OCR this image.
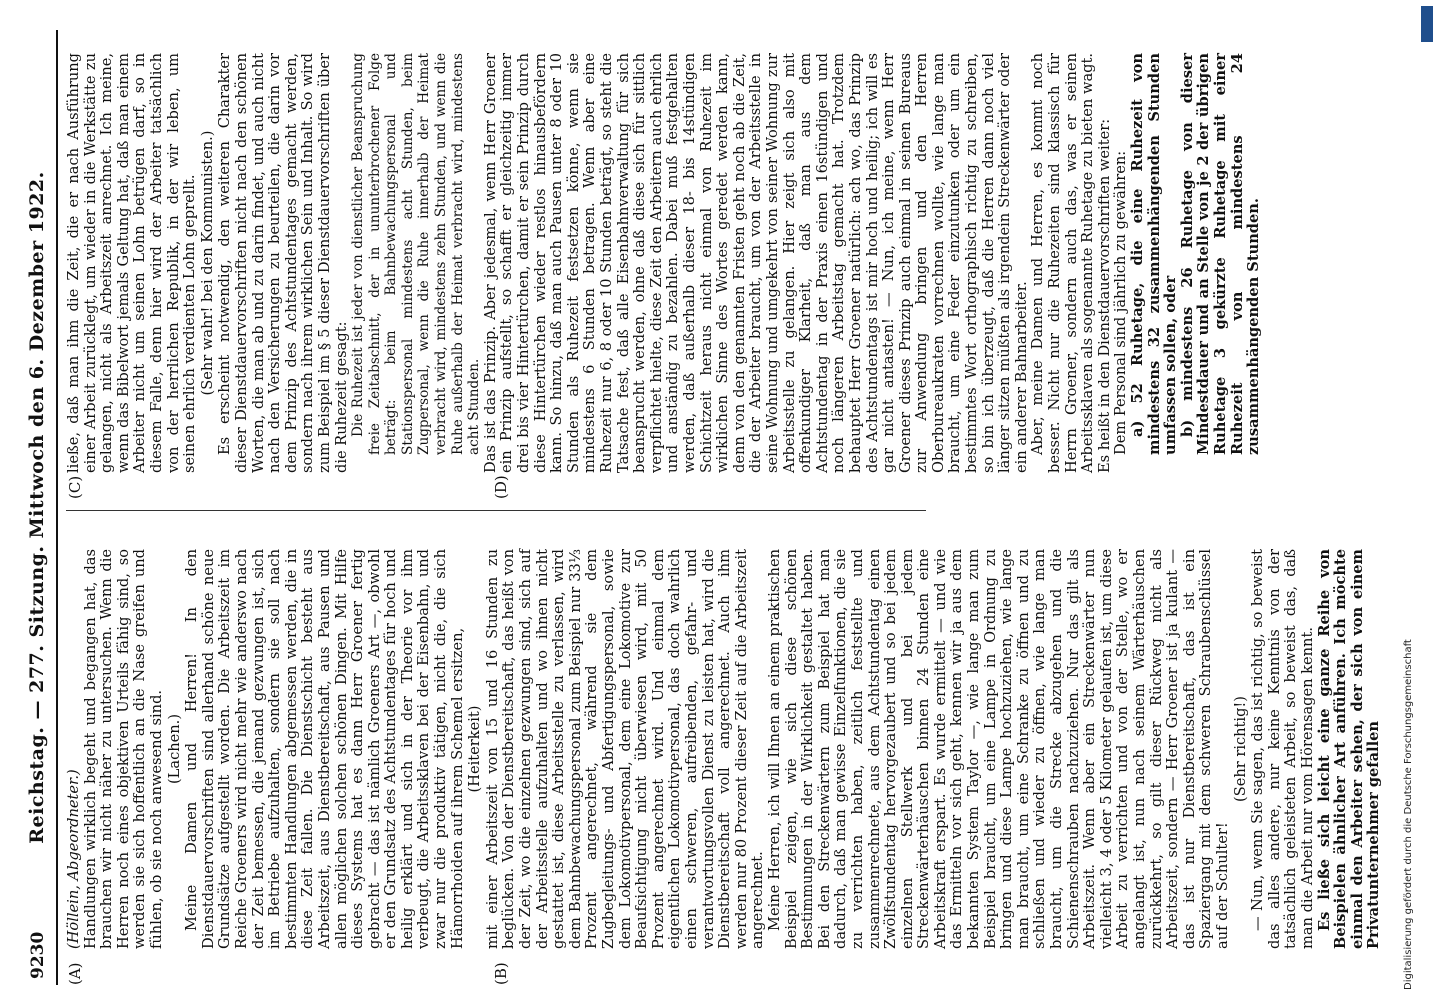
9230
Reichstag. — 277. Sitzung. Mittwoch den 6. Dezember 1922.
(A)	(B)
(C)	(D)

(Höllein, Abgeordneter.) Handlungen wirklich begeht und begangen hat, das brauchen wir nicht näher zu untersuchen. Wenn die Herren noch eines objektiven Urteils fähig sind, so werden sie sich hoffentlich an die Nase greifen und fühlen, ob sie noch anwesend sind. (Lachen.) Meine Damen und Herren! In den Dienstdauervorschriften sind allerhand schöne neue Grundsätze aufgestellt worden. Die Arbeitszeit im Reiche Groeners wird nicht mehr wie anderswo nach der Zeit bemessen, die jemand gezwungen ist, sich im Betriebe aufzuhalten, sondern sie soll nach bestimmten Handlungen abgemessen werden, die in diese Zeit fallen. Die Dienstschicht besteht aus Arbeitszeit, aus Dienstbereitschaft, aus Pausen und allen möglichen solchen schönen Dingen. Mit Hilfe dieses Systems hat es dann Herr Groener fertig gebracht — das ist nämlich Groeners Art —, obwohl er den Grundsatz des Achtstundentages für hoch und heilig erklärt und sich in der Theorie vor ihm verbeugt, die Arbeitssklaven bei der Eisenbahn, und zwar nur die produktiv tätigen, nicht die, die sich Hämorrhoiden auf ihrem Schemel ersitzen, (Heiterkeit) mit einer Arbeitszeit von 15 und 16 Stunden zu beglücken. Von der Dienstbereitschaft, das heißt von der Zeit, wo die einzelnen gezwungen sind, sich auf der Arbeitsstelle aufzuhalten und wo ihnen nicht gestattet ist, diese Arbeitsstelle zu verlassen, wird dem Bahnbewachungspersonal zum Beispiel nur 33⅓ Prozent angerechnet, während sie dem Zugbegleitungs- und Abfertigungspersonal, sowie dem Lokomotivpersonal, dem eine Lokomotive zur Beaufsichtigung nicht überwiesen wird, mit 50 Prozent angerechnet wird. Und einmal dem eigentlichen Lokomotivpersonal, das doch wahrlich einen schweren, aufreibenden, gefahr- und verantwortungsvollen Dienst zu leisten hat, wird die Dienstbereitschaft voll angerechnet. Auch ihm werden nur 80 Prozent dieser Zeit auf die Arbeitszeit angerechnet. Meine Herren, ich will Ihnen an einem praktischen Beispiel zeigen, wie sich diese schönen Bestimmungen in der Wirklichkeit gestaltet haben. Bei den Streckenwärtern zum Beispiel hat man dadurch, daß man gewisse Einzelfunktionen, die sie zu verrichten haben, zeitlich feststellte und zusammenrechnete, aus dem Achtstundentag einen Zwölfstundentag hervorgezaubert und so bei jedem einzelnen Stellwerk und bei jedem Streckenwärterhäuschen binnen 24 Stunden eine Arbeitskraft erspart. Es wurde ermittelt — und wie das Ermitteln vor sich geht, kennen wir ja aus dem bekannten System Taylor —, wie lange man zum Beispiel braucht, um eine Lampe in Ordnung zu bringen und diese Lampe hochzuziehen, wie lange man braucht, um eine Schranke zu öffnen und zu schließen und wieder zu öffnen, wie lange man braucht, um die Strecke abzugehen und die Schienenschrauben nachzuziehen. Nur das gilt als Arbeitszeit. Wenn aber ein Streckenwärter nun vielleicht 3, 4 oder 5 Kilometer gelaufen ist, um diese Arbeit zu verrichten und von der Stelle, wo er angelangt ist, nun nach seinem Wärterhäuschen zurückkehrt, so gilt dieser Rückweg nicht als Arbeitszeit, sondern — Herr Groener ist ja kulant — das ist nur Dienstbereitschaft, das ist ein Spaziergang mit dem schweren Schraubenschlüssel auf der Schulter!

(Sehr richtig!) — Nun, wenn Sie sagen, das ist richtig, so beweist das alles andere, nur keine Kenntnis von der tatsächlich geleisteten Arbeit, so beweist das, daß man die Arbeit nur vom Hörensagen kennt. Es ließe sich leicht eine ganze Reihe von Beispielen ähnlicher Art anführen. Ich möchte einmal den Arbeiter sehen, der sich von einem Privatunternehmer gefallen

ließe, daß man ihm die Zeit, die er nach Ausführung einer Arbeit zurücklegt, um wieder in die Werkstätte zu gelangen, nicht als Arbeitszeit anrechnet. Ich meine, wenn das Bibelwort jemals Geltung hat, daß man einem Arbeiter nicht um seinen Lohn betrügen darf, so in diesem Falle, denn hier wird der Arbeiter tatsächlich von der herrlichen Republik, in der wir leben, um seinen ehrlich verdienten Lohn geprellt. (Sehr wahr! bei den Kommunisten.) Es erscheint notwendig, den weiteren Charakter dieser Dienstdauervorschriften nicht nach den schönen Worten, die man ab und zu darin findet, und auch nicht nach den Versicherungen zu beurteilen, die darin vor dem Prinzip des Achtstundentages gemacht werden, sondern nach ihrem wirklichen Sein und Inhalt. So wird zum Beispiel im § 5 dieser Dienstdauervorschriften über die Ruhezeit gesagt: Die Ruhezeit ist jeder von dienstlicher Beanspruchung freie Zeitabschnitt, der in ununterbrochener Folge beträgt: beim Bahnbewachungspersonal und Stationspersonal mindestens acht Stunden, beim Zugpersonal, wenn die Ruhe innerhalb der Heimat verbracht wird, mindestens zehn Stunden, und wenn die Ruhe außerhalb der Heimat verbracht wird, mindestens acht Stunden. Das ist das Prinzip. Aber jedesmal, wenn Herr Groener ein Prinzip aufstellt, so schafft er gleichzeitig immer drei bis vier Hintertürchen, damit er sein Prinzip durch diese Hintertürchen wieder restlos hinausbefördern kann. So hinzu, daß man auch Pausen unter 8 oder 10 Stunden als Ruhezeit festsetzen könne, wenn sie mindestens 6 Stunden betragen. Wenn aber eine Ruhezeit nur 6, 8 oder 10 Stunden beträgt, so steht die Tatsache fest, daß alle Eisenbahnverwaltung für sich beansprucht werden, ohne daß diese sich für sittlich verpflichtet hielte, diese Zeit den Arbeitern auch ehrlich und anständig zu bezahlen. Dabei muß festgehalten werden, daß außerhalb dieser 18- bis 14stündigen Schichtzeit heraus nicht einmal von Ruhezeit im wirklichen Sinne des Wortes geredet werden kann, denn von den genannten Fristen geht noch ab die Zeit, die der Arbeiter braucht, um von der Arbeitsstelle in seine Wohnung und umgekehrt von seiner Wohnung zur Arbeitsstelle zu gelangen. Hier zeigt sich also mit offenkundiger Klarheit, daß man aus dem Achtstundentag in der Praxis einen 16stündigen und noch längeren Arbeitstag gemacht hat. Trotzdem behauptet Herr Groener natürlich: ach wo, das Prinzip des Achtstundentags ist mir hoch und heilig; ich will es gar nicht antasten! — Nun, ich meine, wenn Herr Groener dieses Prinzip auch einmal in seinen Bureaus zur Anwendung bringen und den Herren Oberbureaukraten vorrechnen wollte, wie lange man braucht, um eine Feder einzutunken oder um ein bestimmtes Wort orthographisch richtig zu schreiben, so bin ich überzeugt, daß die Herren dann noch viel länger sitzen müßten als irgendein Streckenwärter oder ein anderer Bahnarbeiter. Aber, meine Damen und Herren, es kommt noch besser. Nicht nur die Ruhezeiten sind klassisch für Herrn Groener, sondern auch das, was er seinen Arbeitssklaven als sogenannte Ruhetage zu bieten wagt. Es heißt in den Dienstdauervorschriften weiter: Dem Personal sind jährlich zu gewähren: a) 52 Ruhetage, die eine Ruhezeit von mindestens 32 zusammenhängenden Stunden umfassen sollen, oder b) mindestens 26 Ruhetage von dieser Mindestdauer und an Stelle von je 2 der übrigen Ruhetage 3 gekürzte Ruhetage mit einer Ruhezeit von mindestens 24 zusammenhängenden Stunden.

Digitalisierung gefördert durch die Deutsche Forschungsgemeinschaft
